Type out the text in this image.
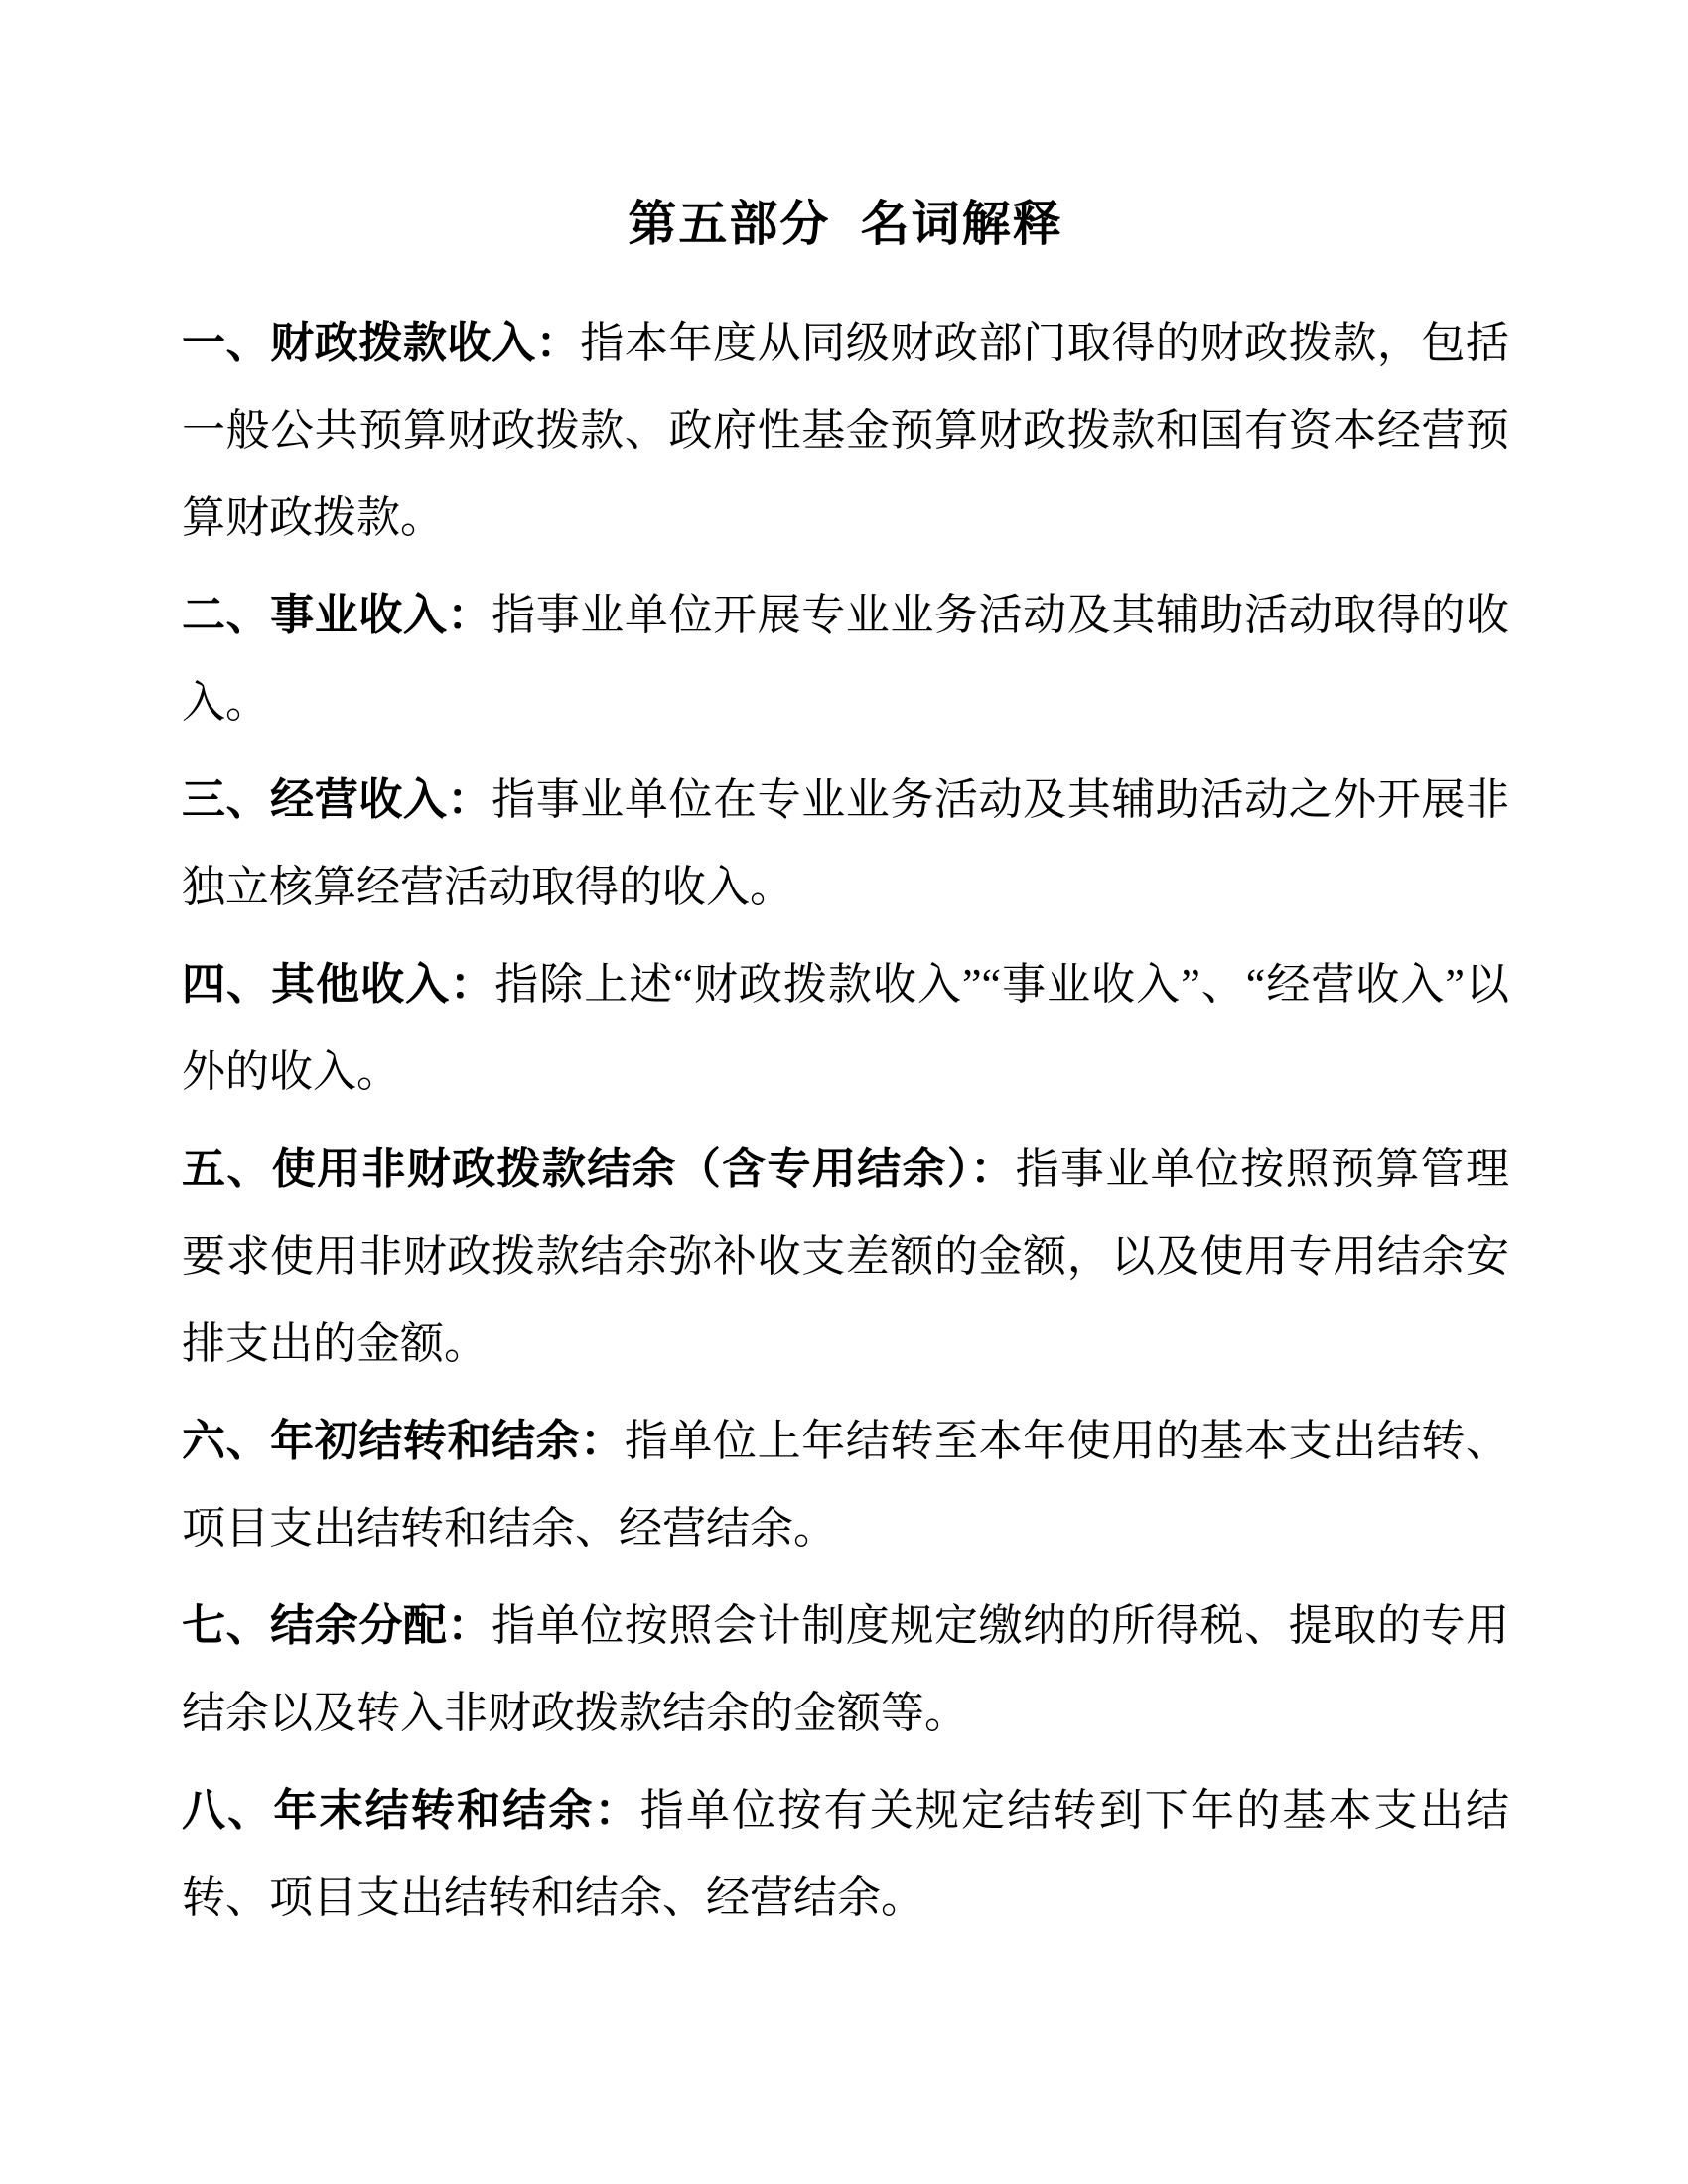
第五部分 名词解释

一、财政拨款收入：指本年度从同级财政部门取得的财政拨款，包括一般公共预算财政拨款、政府性基金预算财政拨款和国有资本经营预算财政拨款。

二、事业收入：指事业单位开展专业业务活动及其辅助活动取得的收入。

三、经营收入：指事业单位在专业业务活动及其辅助活动之外开展非独立核算经营活动取得的收入。

四、其他收入：指除上述“财政拨款收入”“事业收入”、“经营收入”以外的收入。

五、使用非财政拨款结余（含专用结余）：指事业单位按照预算管理要求使用非财政拨款结余弥补收支差额的金额，以及使用专用结余安排支出的金额。

六、年初结转和结余：指单位上年结转至本年使用的基本支出结转、项目支出结转和结余、经营结余。

七、结余分配：指单位按照会计制度规定缴纳的所得税、提取的专用结余以及转入非财政拨款结余的金额等。

八、年末结转和结余：指单位按有关规定结转到下年的基本支出结转、项目支出结转和结余、经营结余。
